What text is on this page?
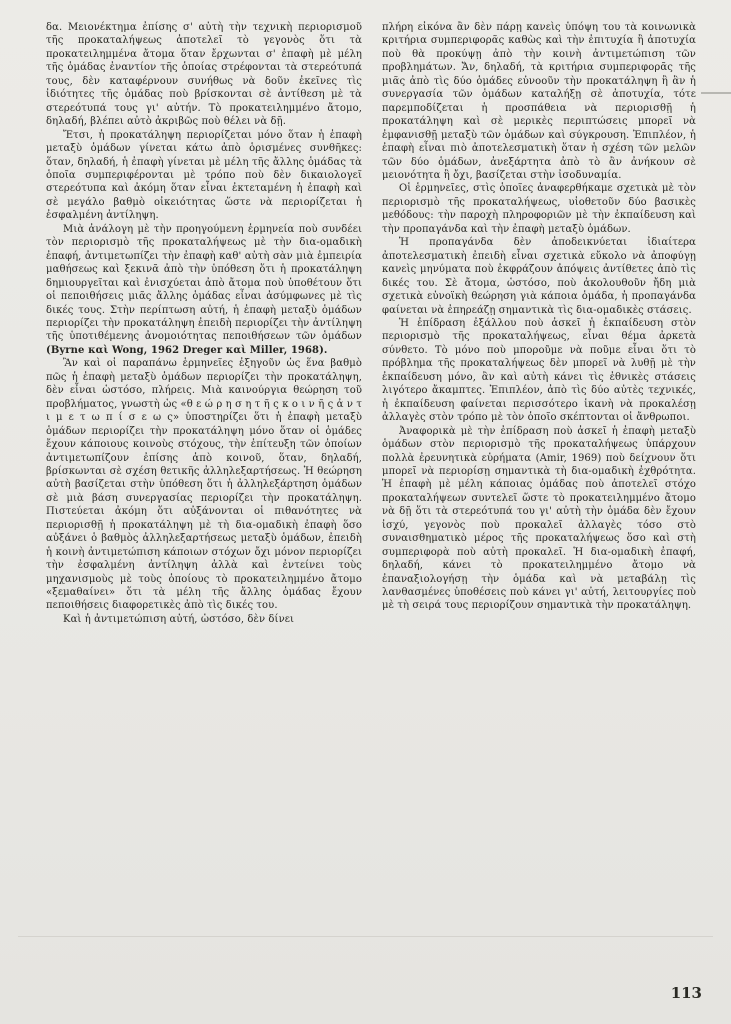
δα. Μειονέκτημα ἐπίσης σ' αὐτὴ τὴν τεχνικὴ περιορισμοῦ τῆς προκαταλήψεως ἀποτελεῖ τὸ γεγονὸς ὅτι τὰ προκατειλημμένα ἄτομα ὅταν ἔρχωνται σ' ἐπαφὴ μὲ μέλη τῆς ὁμάδας ἐναντίον τῆς ὁποίας στρέφονται τὰ στερεότυπά τους, δὲν καταφέρνουν συνήθως νὰ δοῦν ἐκεῖνες τὶς ἰδιότητες τῆς ὁμάδας ποὺ βρίσκονται σὲ ἀντίθεση μὲ τὰ στερεότυπά τους γι' αὐτήν. Τὸ προκατειλημμένο ἄτομο, δηλαδή, βλέπει αὐτὸ ἀκριβῶς ποὺ θέλει νὰ δῇ.

Ἔτσι, ἡ προκατάληψη περιορίζεται μόνο ὅταν ἡ ἐπαφὴ μεταξὺ ὁμάδων γίνεται κάτω ἀπὸ ὁρισμένες συνθῆκες: ὅταν, δηλαδή, ἡ ἐπαφὴ γίνεται μὲ μέλη τῆς ἄλλης ὁμάδας τὰ ὁποῖα συμπεριφέρονται μὲ τρόπο ποὺ δὲν δικαιολογεῖ στερεότυπα καὶ ἀκόμη ὅταν εἶναι ἐκτεταμένη ἡ ἐπαφὴ καὶ σὲ μεγάλο βαθμὸ οἰκειότητας ὥστε νὰ περιορίζεται ἡ ἐσφαλμένη ἀντίληψη.

Μιὰ ἀνάλογη μὲ τὴν προηγούμενη ἑρμηνεία ποὺ συνδέει τὸν περιορισμὸ τῆς προκαταλήψεως μὲ τὴν δια-ομαδικὴ ἐπαφή, ἀντιμετωπίζει τὴν ἐπαφὴ καθ' αὑτὴ σὰν μιὰ ἐμπειρία μαθήσεως καὶ ξεκινᾶ ἀπὸ τὴν ὑπόθεση ὅτι ἡ προκατάληψη δημιουργεῖται καὶ ἐνισχύεται ἀπὸ ἄτομα ποὺ ὑποθέτουν ὅτι οἱ πεποιθήσεις μιᾶς ἄλλης ὁμάδας εἶναι ἀσύμφωνες μὲ τὶς δικές τους. Στὴν περίπτωση αὐτή, ἡ ἐπαφὴ μεταξὺ ὁμάδων περιορίζει τὴν προκατάληψη ἐπειδὴ περιορίζει τὴν ἀντίληψη τῆς ὑποτιθέμενης ἀνομοιότητας πεποιθήσεων τῶν ὁμάδων (Byrne καὶ Wong, 1962 Dreger καὶ Miller, 1968).

Ἂν καὶ οἱ παραπάνω ἑρμηνεῖες ἐξηγοῦν ὡς ἕνα βαθμὸ πῶς ἡ ἐπαφὴ μεταξὺ ὁμάδων περιορίζει τὴν προκατάληψη, δὲν εἶναι ὡστόσο, πλήρεις. Μιὰ καινούργια θεώρηση τοῦ προβλήματος, γνωστὴ ὡς «θ ε ώ ρ η σ η τ ῆ ς κ ο ι ν ῆ ς ἀ ν τ ι μ ε τ ω π ί σ ε ω ς» ὑποστηρίζει ὅτι ἡ ἐπαφὴ μεταξὺ ὁμάδων περιορίζει τὴν προκατάληψη μόνο ὅταν οἱ ὁμάδες ἔχουν κάποιους κοινοὺς στόχους, τὴν ἐπίτευξη τῶν ὁποίων ἀντιμετωπίζουν ἐπίσης ἀπὸ κοινοῦ, ὅταν, δηλαδή, βρίσκωνται σὲ σχέση θετικῆς ἀλληλεξαρτήσεως. Ἡ θεώρηση αὐτὴ βασίζεται στὴν ὑπόθεση ὅτι ἡ ἀλληλεξάρτηση ὁμάδων σὲ μιὰ βάση συνεργασίας περιορίζει τὴν προκατάληψη. Πιστεύεται ἀκόμη ὅτι αὐξάνονται οἱ πιθανότητες νὰ περιορισθῇ ἡ προκατάληψη μὲ τὴ δια-ομαδικὴ ἐπαφὴ ὅσο αὐξάνει ὁ βαθμὸς ἀλληλεξαρτήσεως μεταξὺ ὁμάδων, ἐπειδὴ ἡ κοινὴ ἀντιμετώπιση κάποιων στόχων ὄχι μόνον περιορίζει τὴν ἐσφαλμένη ἀντίληψη ἀλλὰ καὶ ἐντείνει τοὺς μηχανισμοὺς μὲ τοὺς ὁποίους τὸ προκατειλημμένο ἄτομο «ξεμαθαίνει» ὅτι τὰ μέλη τῆς ἄλλης ὁμάδας ἔχουν πεποιθήσεις διαφορετικὲς ἀπὸ τὶς δικές του.

Καὶ ἡ ἀντιμετώπιση αὐτή, ὡστόσο, δὲν δίνει

πλήρη εἰκόνα ἂν δὲν πάρῃ κανεὶς ὑπόψη του τὰ κοινωνικὰ κριτήρια συμπεριφορᾶς καθὼς καὶ τὴν ἐπιτυχία ἢ ἀποτυχία ποὺ θὰ προκύψῃ ἀπὸ τὴν κοινὴ ἀντιμετώπιση τῶν προβλημάτων. Ἄν, δηλαδή, τὰ κριτήρια συμπεριφορᾶς τῆς μιᾶς ἀπὸ τὶς δύο ὁμάδες εὐνοοῦν τὴν προκατάληψη ἢ ἂν ἡ συνεργασία τῶν ὁμάδων καταλήξῃ σὲ ἀποτυχία, τότε παρεμποδίζεται ἡ προσπάθεια νὰ περιορισθῇ ἡ προκατάληψη καὶ σὲ μερικὲς περιπτώσεις μπορεῖ νὰ ἐμφανισθῇ μεταξὺ τῶν ὁμάδων καὶ σύγκρουση. Ἐπιπλέον, ἡ ἐπαφὴ εἶναι πιὸ ἀποτελεσματικὴ ὅταν ἡ σχέση τῶν μελῶν τῶν δύο ὁμάδων, ἀνεξάρτητα ἀπὸ τὸ ἂν ἀνήκουν σὲ μειονότητα ἢ ὄχι, βασίζεται στὴν ἰσοδυναμία.

Οἱ ἑρμηνεῖες, στὶς ὁποῖες ἀναφερθήκαμε σχετικὰ μὲ τὸν περιορισμὸ τῆς προκαταλήψεως, υἱοθετοῦν δύο βασικὲς μεθόδους: τὴν παροχὴ πληροφοριῶν μὲ τὴν ἐκπαίδευση καὶ τὴν προπαγάνδα καὶ τὴν ἐπαφὴ μεταξὺ ὁμάδων.

Ἡ προπαγάνδα δὲν ἀποδεικνύεται ἰδιαίτερα ἀποτελεσματικὴ ἐπειδὴ εἶναι σχετικὰ εὔκολο νὰ ἀποφύγῃ κανεὶς μηνύματα ποὺ ἐκφράζουν ἀπόψεις ἀντίθετες ἀπὸ τὶς δικές του. Σὲ ἄτομα, ὡστόσο, ποὺ ἀκολουθοῦν ἤδη μιὰ σχετικὰ εὐνοϊκὴ θεώρηση γιὰ κάποια ὁμάδα, ἡ προπαγάνδα φαίνεται νὰ ἐπηρεάζῃ σημαντικὰ τὶς δια-ομαδικὲς στάσεις.

Ἡ ἐπίδραση ἐξάλλου ποὺ ἀσκεῖ ἡ ἐκπαίδευση στὸν περιορισμὸ τῆς προκαταλήψεως, εἶναι θέμα ἀρκετὰ σύνθετο. Τὸ μόνο ποὺ μποροῦμε νὰ ποῦμε εἶναι ὅτι τὸ πρόβλημα τῆς προκαταλήψεως δὲν μπορεῖ νὰ λυθῇ μὲ τὴν ἐκπαίδευση μόνο, ἂν καὶ αὐτὴ κάνει τὶς ἐθνικὲς στάσεις λιγότερο ἄκαμπτες. Ἐπιπλέον, ἀπὸ τὶς δύο αὐτὲς τεχνικές, ἡ ἐκπαίδευση φαίνεται περισσότερο ἱκανὴ νὰ προκαλέσῃ ἀλλαγὲς στὸν τρόπο μὲ τὸν ὁποῖο σκέπτονται οἱ ἄνθρωποι.

Ἀναφορικὰ μὲ τὴν ἐπίδραση ποὺ ἀσκεῖ ἡ ἐπαφὴ μεταξὺ ὁμάδων στὸν περιορισμὸ τῆς προκαταλήψεως ὑπάρχουν πολλὰ ἐρευνητικὰ εὑρήματα (Amir, 1969) ποὺ δείχνουν ὅτι μπορεῖ νὰ περιορίσῃ σημαντικὰ τὴ δια-ομαδικὴ ἐχθρότητα. Ἡ ἐπαφὴ μὲ μέλη κάποιας ὁμάδας ποὺ ἀποτελεῖ στόχο προκαταλήψεων συντελεῖ ὥστε τὸ προκατειλημμένο ἄτομο νὰ δῇ ὅτι τὰ στερεότυπά του γι' αὐτὴ τὴν ὁμάδα δὲν ἔχουν ἰσχύ, γεγονὸς ποὺ προκαλεῖ ἀλλαγὲς τόσο στὸ συναισθηματικὸ μέρος τῆς προκαταλήψεως ὅσο καὶ στὴ συμπεριφορὰ ποὺ αὐτὴ προκαλεῖ. Ἡ δια-ομαδικὴ ἐπαφή, δηλαδή, κάνει τὸ προκατειλημμένο ἄτομο νὰ ἐπαναξιολογήσῃ τὴν ὁμάδα καὶ νὰ μεταβάλῃ τὶς λανθασμένες ὑποθέσεις ποὺ κάνει γι' αὐτή, λειτουργίες ποὺ μὲ τὴ σειρά τους περιορίζουν σημαντικὰ τὴν προκατάληψη.

113
